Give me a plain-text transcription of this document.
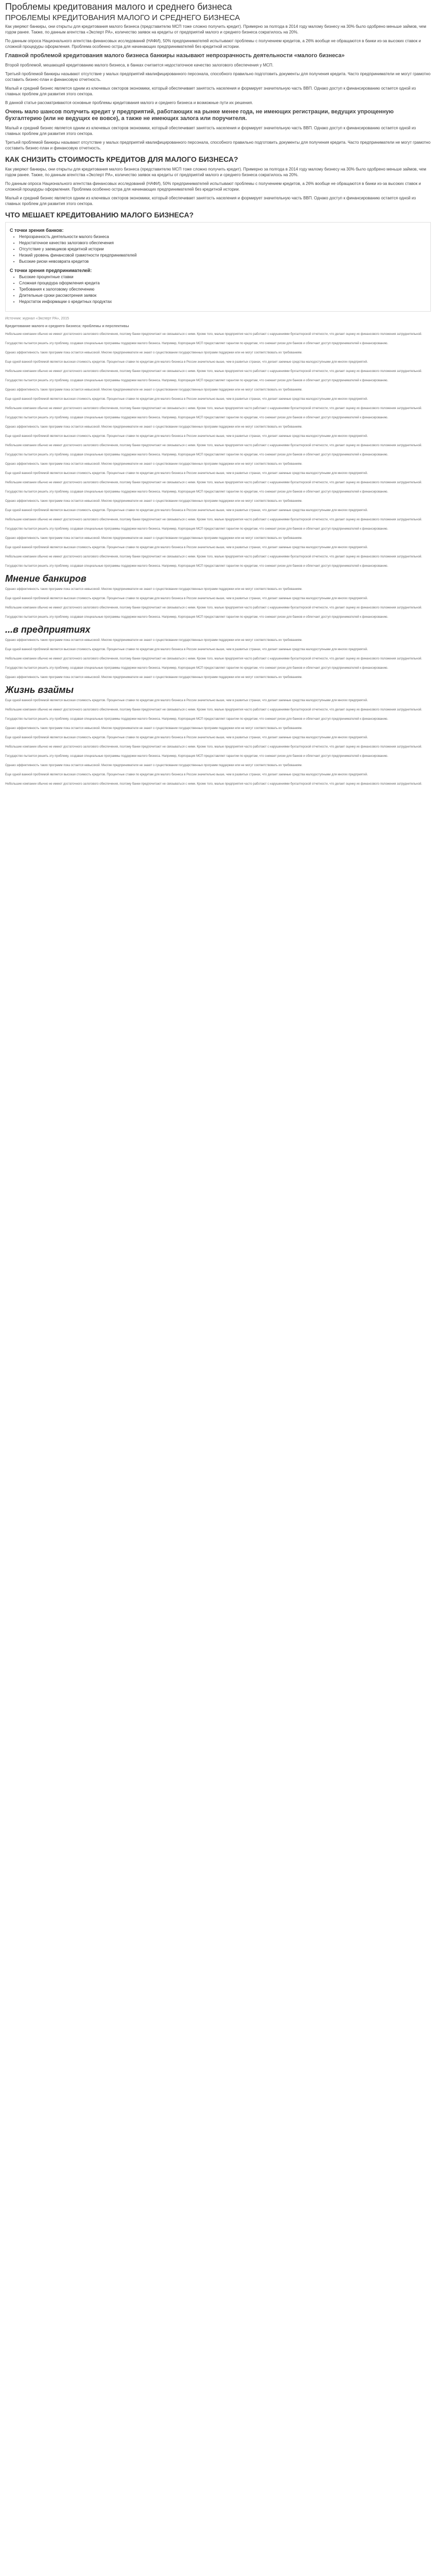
Проблемы кредитования малого и среднего бизнеса
ПРОБЛЕМЫ КРЕДИТОВАНИЯ МАЛОГО И СРЕДНЕГО БИЗНЕСА

Как уверяют банкиры, они открыты для кредитования малого бизнеса (представителю МСП тоже сложно получить кредит). Примерно за полгода в 2014 году малому бизнесу на 30% было одобрено меньше займов, чем годом ранее. Также, по данным агентства «Эксперт РА», количество заявок на кредиты от предприятий малого и среднего бизнеса сократилось на 20%.

По данным опроса Национального агентства финансовых исследований (НАФИ), 50% предпринимателей испытывают проблемы с получением кредитов, а 26% вообще не обращаются в банки из-за высоких ставок и сложной процедуры оформления. Проблема особенно остра для начинающих предпринимателей без кредитной истории.

Главной проблемой кредитования малого бизнеса банкиры называют непрозрачность деятельности «малого бизнеса»

Второй проблемой, мешающей кредитованию малого бизнеса, в банках считается недостаточное качество залогового обеспечения у МСП.

Третьей проблемой банкиры называют отсутствие у малых предприятий квалифицированного персонала, способного правильно подготовить документы для получения кредита. Часто предприниматели не могут грамотно составить бизнес-план и финансовую отчетность.

Малый и средний бизнес является одним из ключевых секторов экономики, который обеспечивает занятость населения и формирует значительную часть ВВП. Однако доступ к финансированию остается одной из главных проблем для развития этого сектора.

В данной статье рассматриваются основные проблемы кредитования малого и среднего бизнеса и возможные пути их решения.

Очень мало шансов получить кредит у предприятий, работающих на рынке менее года, не имеющих регистрации, ведущих упрощенную бухгалтерию (или не ведущих ее вовсе), а также не имеющих залога или поручителя.

Малый и средний бизнес является одним из ключевых секторов экономики, который обеспечивает занятость населения и формирует значительную часть ВВП. Однако доступ к финансированию остается одной из главных проблем для развития этого сектора.

Третьей проблемой банкиры называют отсутствие у малых предприятий квалифицированного персонала, способного правильно подготовить документы для получения кредита. Часто предприниматели не могут грамотно составить бизнес-план и финансовую отчетность.

КАК СНИЗИТЬ СТОИМОСТЬ КРЕДИТОВ ДЛЯ МАЛОГО БИЗНЕСА?

Как уверяют банкиры, они открыты для кредитования малого бизнеса (представителю МСП тоже сложно получить кредит). Примерно за полгода в 2014 году малому бизнесу на 30% было одобрено меньше займов, чем годом ранее. Также, по данным агентства «Эксперт РА», количество заявок на кредиты от предприятий малого и среднего бизнеса сократилось на 20%.

По данным опроса Национального агентства финансовых исследований (НАФИ), 50% предпринимателей испытывают проблемы с получением кредитов, а 26% вообще не обращаются в банки из-за высоких ставок и сложной процедуры оформления. Проблема особенно остра для начинающих предпринимателей без кредитной истории.

Малый и средний бизнес является одним из ключевых секторов экономики, который обеспечивает занятость населения и формирует значительную часть ВВП. Однако доступ к финансированию остается одной из главных проблем для развития этого сектора.

ЧТО МЕШАЕТ КРЕДИТОВАНИЮ МАЛОГО БИЗНЕСА?
С точки зрения банков:
• Непрозрачность деятельности малого бизнеса
• Недостаточное качество залогового обеспечения
• Отсутствие у заемщиков кредитной истории
• Низкий уровень финансовой грамотности предпринимателей
• Высокие риски невозврата кредитов
С точки зрения предпринимателей:
• Высокие процентные ставки
• Сложная процедура оформления кредита
• Требования к залоговому обеспечению
• Длительные сроки рассмотрения заявок
• Недостаток информации о кредитных продуктах
Источник: журнал «Эксперт РА», 2015

Кредитование малого и среднего бизнеса: проблемы и перспективы

Небольшие компании обычно не имеют достаточного залогового обеспечения, поэтому банки предпочитают не связываться с ними. Кроме того, малые предприятия часто работают с нарушениями бухгалтерской отчетности, что делает оценку их финансового положения затруднительной.

Государство пытается решить эту проблему, создавая специальные программы поддержки малого бизнеса. Например, Корпорация МСП предоставляет гарантии по кредитам, что снижает риски для банков и облегчает доступ предпринимателей к финансированию.

Однако эффективность таких программ пока остается невысокой. Многие предприниматели не знают о существовании государственных программ поддержки или не могут соответствовать их требованиям.

Еще одной важной проблемой является высокая стоимость кредитов. Процентные ставки по кредитам для малого бизнеса в России значительно выше, чем в развитых странах, что делает заемные средства малодоступными для многих предприятий.

Небольшие компании обычно не имеют достаточного залогового обеспечения, поэтому банки предпочитают не связываться с ними. Кроме того, малые предприятия часто работают с нарушениями бухгалтерской отчетности, что делает оценку их финансового положения затруднительной.

Государство пытается решить эту проблему, создавая специальные программы поддержки малого бизнеса. Например, Корпорация МСП предоставляет гарантии по кредитам, что снижает риски для банков и облегчает доступ предпринимателей к финансированию.

Однако эффективность таких программ пока остается невысокой. Многие предприниматели не знают о существовании государственных программ поддержки или не могут соответствовать их требованиям.

Еще одной важной проблемой является высокая стоимость кредитов. Процентные ставки по кредитам для малого бизнеса в России значительно выше, чем в развитых странах, что делает заемные средства малодоступными для многих предприятий.

Небольшие компании обычно не имеют достаточного залогового обеспечения, поэтому банки предпочитают не связываться с ними. Кроме того, малые предприятия часто работают с нарушениями бухгалтерской отчетности, что делает оценку их финансового положения затруднительной.

Государство пытается решить эту проблему, создавая специальные программы поддержки малого бизнеса. Например, Корпорация МСП предоставляет гарантии по кредитам, что снижает риски для банков и облегчает доступ предпринимателей к финансированию.

Однако эффективность таких программ пока остается невысокой. Многие предприниматели не знают о существовании государственных программ поддержки или не могут соответствовать их требованиям.

Еще одной важной проблемой является высокая стоимость кредитов. Процентные ставки по кредитам для малого бизнеса в России значительно выше, чем в развитых странах, что делает заемные средства малодоступными для многих предприятий.

Небольшие компании обычно не имеют достаточного залогового обеспечения, поэтому банки предпочитают не связываться с ними. Кроме того, малые предприятия часто работают с нарушениями бухгалтерской отчетности, что делает оценку их финансового положения затруднительной.

Государство пытается решить эту проблему, создавая специальные программы поддержки малого бизнеса. Например, Корпорация МСП предоставляет гарантии по кредитам, что снижает риски для банков и облегчает доступ предпринимателей к финансированию.

Однако эффективность таких программ пока остается невысокой. Многие предприниматели не знают о существовании государственных программ поддержки или не могут соответствовать их требованиям.

Еще одной важной проблемой является высокая стоимость кредитов. Процентные ставки по кредитам для малого бизнеса в России значительно выше, чем в развитых странах, что делает заемные средства малодоступными для многих предприятий.

Небольшие компании обычно не имеют достаточного залогового обеспечения, поэтому банки предпочитают не связываться с ними. Кроме того, малые предприятия часто работают с нарушениями бухгалтерской отчетности, что делает оценку их финансового положения затруднительной.

Государство пытается решить эту проблему, создавая специальные программы поддержки малого бизнеса. Например, Корпорация МСП предоставляет гарантии по кредитам, что снижает риски для банков и облегчает доступ предпринимателей к финансированию.

Однако эффективность таких программ пока остается невысокой. Многие предприниматели не знают о существовании государственных программ поддержки или не могут соответствовать их требованиям.

Еще одной важной проблемой является высокая стоимость кредитов. Процентные ставки по кредитам для малого бизнеса в России значительно выше, чем в развитых странах, что делает заемные средства малодоступными для многих предприятий.

Небольшие компании обычно не имеют достаточного залогового обеспечения, поэтому банки предпочитают не связываться с ними. Кроме того, малые предприятия часто работают с нарушениями бухгалтерской отчетности, что делает оценку их финансового положения затруднительной.

Государство пытается решить эту проблему, создавая специальные программы поддержки малого бизнеса. Например, Корпорация МСП предоставляет гарантии по кредитам, что снижает риски для банков и облегчает доступ предпринимателей к финансированию.

Однако эффективность таких программ пока остается невысокой. Многие предприниматели не знают о существовании государственных программ поддержки или не могут соответствовать их требованиям.

Еще одной важной проблемой является высокая стоимость кредитов. Процентные ставки по кредитам для малого бизнеса в России значительно выше, чем в развитых странах, что делает заемные средства малодоступными для многих предприятий.

Небольшие компании обычно не имеют достаточного залогового обеспечения, поэтому банки предпочитают не связываться с ними. Кроме того, малые предприятия часто работают с нарушениями бухгалтерской отчетности, что делает оценку их финансового положения затруднительной.

Государство пытается решить эту проблему, создавая специальные программы поддержки малого бизнеса. Например, Корпорация МСП предоставляет гарантии по кредитам, что снижает риски для банков и облегчает доступ предпринимателей к финансированию.

Мнение банкиров

Однако эффективность таких программ пока остается невысокой. Многие предприниматели не знают о существовании государственных программ поддержки или не могут соответствовать их требованиям.

Еще одной важной проблемой является высокая стоимость кредитов. Процентные ставки по кредитам для малого бизнеса в России значительно выше, чем в развитых странах, что делает заемные средства малодоступными для многих предприятий.

Небольшие компании обычно не имеют достаточного залогового обеспечения, поэтому банки предпочитают не связываться с ними. Кроме того, малые предприятия часто работают с нарушениями бухгалтерской отчетности, что делает оценку их финансового положения затруднительной.

Государство пытается решить эту проблему, создавая специальные программы поддержки малого бизнеса. Например, Корпорация МСП предоставляет гарантии по кредитам, что снижает риски для банков и облегчает доступ предпринимателей к финансированию.

...в предприятиях

Однако эффективность таких программ пока остается невысокой. Многие предприниматели не знают о существовании государственных программ поддержки или не могут соответствовать их требованиям.

Еще одной важной проблемой является высокая стоимость кредитов. Процентные ставки по кредитам для малого бизнеса в России значительно выше, чем в развитых странах, что делает заемные средства малодоступными для многих предприятий.

Небольшие компании обычно не имеют достаточного залогового обеспечения, поэтому банки предпочитают не связываться с ними. Кроме того, малые предприятия часто работают с нарушениями бухгалтерской отчетности, что делает оценку их финансового положения затруднительной.

Государство пытается решить эту проблему, создавая специальные программы поддержки малого бизнеса. Например, Корпорация МСП предоставляет гарантии по кредитам, что снижает риски для банков и облегчает доступ предпринимателей к финансированию.

Однако эффективность таких программ пока остается невысокой. Многие предприниматели не знают о существовании государственных программ поддержки или не могут соответствовать их требованиям.

Жизнь взаймы

Еще одной важной проблемой является высокая стоимость кредитов. Процентные ставки по кредитам для малого бизнеса в России значительно выше, чем в развитых странах, что делает заемные средства малодоступными для многих предприятий.

Небольшие компании обычно не имеют достаточного залогового обеспечения, поэтому банки предпочитают не связываться с ними. Кроме того, малые предприятия часто работают с нарушениями бухгалтерской отчетности, что делает оценку их финансового положения затруднительной.

Государство пытается решить эту проблему, создавая специальные программы поддержки малого бизнеса. Например, Корпорация МСП предоставляет гарантии по кредитам, что снижает риски для банков и облегчает доступ предпринимателей к финансированию.

Однако эффективность таких программ пока остается невысокой. Многие предприниматели не знают о существовании государственных программ поддержки или не могут соответствовать их требованиям.

Еще одной важной проблемой является высокая стоимость кредитов. Процентные ставки по кредитам для малого бизнеса в России значительно выше, чем в развитых странах, что делает заемные средства малодоступными для многих предприятий.

Небольшие компании обычно не имеют достаточного залогового обеспечения, поэтому банки предпочитают не связываться с ними. Кроме того, малые предприятия часто работают с нарушениями бухгалтерской отчетности, что делает оценку их финансового положения затруднительной.

Государство пытается решить эту проблему, создавая специальные программы поддержки малого бизнеса. Например, Корпорация МСП предоставляет гарантии по кредитам, что снижает риски для банков и облегчает доступ предпринимателей к финансированию.

Однако эффективность таких программ пока остается невысокой. Многие предприниматели не знают о существовании государственных программ поддержки или не могут соответствовать их требованиям.

Еще одной важной проблемой является высокая стоимость кредитов. Процентные ставки по кредитам для малого бизнеса в России значительно выше, чем в развитых странах, что делает заемные средства малодоступными для многих предприятий.

Небольшие компании обычно не имеют достаточного залогового обеспечения, поэтому банки предпочитают не связываться с ними. Кроме того, малые предприятия часто работают с нарушениями бухгалтерской отчетности, что делает оценку их финансового положения затруднительной.
